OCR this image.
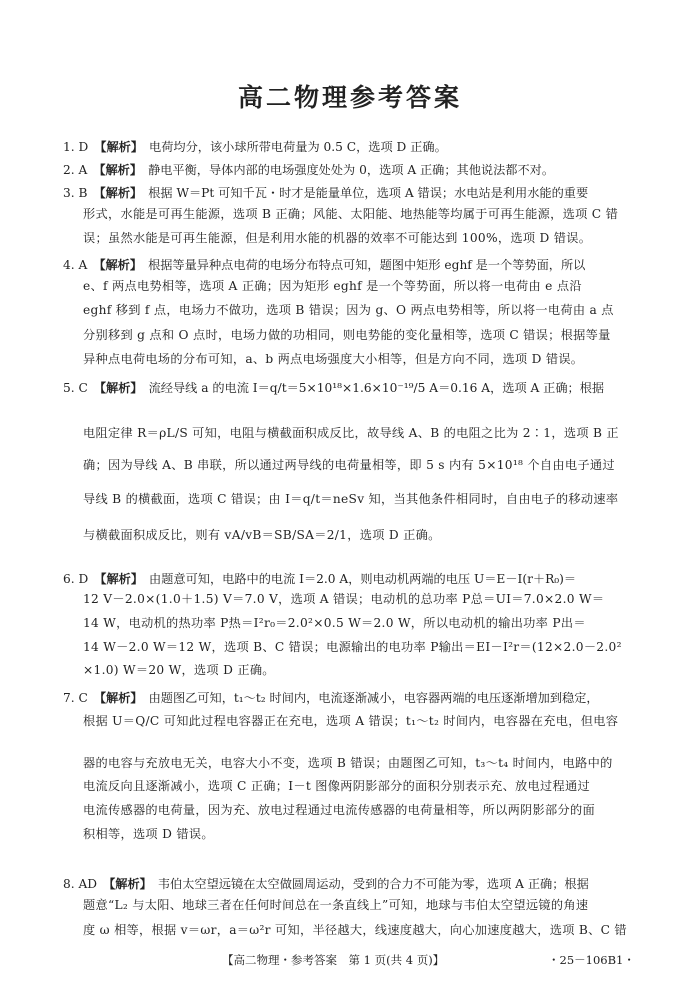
高二物理参考答案
1. D 【解析】 电荷均分，该小球所带电荷量为 0.5 C，选项 D 正确。
2. A 【解析】 静电平衡，导体内部的电场强度处处为 0，选项 A 正确；其他说法都不对。
3. B 【解析】 根据 W＝Pt 可知千瓦・时才是能量单位，选项 A 错误；水电站是利用水能的重要
形式，水能是可再生能源，选项 B 正确；风能、太阳能、地热能等均属于可再生能源，选项 C 错
误；虽然水能是可再生能源，但是利用水能的机器的效率不可能达到 100%，选项 D 错误。
4. A 【解析】 根据等量异种点电荷的电场分布特点可知，题图中矩形 eghf 是一个等势面，所以
e、f 两点电势相等，选项 A 正确；因为矩形 eghf 是一个等势面，所以将一电荷由 e 点沿
eghf 移到 f 点，电场力不做功，选项 B 错误；因为 g、O 两点电势相等，所以将一电荷由 a 点
分别移到 g 点和 O 点时，电场力做的功相同，则电势能的变化量相等，选项 C 错误；根据等量
异种点电荷电场的分布可知，a、b 两点电场强度大小相等，但是方向不同，选项 D 错误。
5. C 【解析】 流经导线 a 的电流 I＝q/t＝5×10¹⁸×1.6×10⁻¹⁹/5 A＝0.16 A，选项 A 正确；根据
电阻定律 R＝ρL/S 可知，电阻与横截面积成反比，故导线 A、B 的电阻之比为 2∶1，选项 B 正
确；因为导线 A、B 串联，所以通过两导线的电荷量相等，即 5 s 内有 5×10¹⁸ 个自由电子通过
导线 B 的横截面，选项 C 错误；由 I＝q/t＝neSv 知，当其他条件相同时，自由电子的移动速率
与横截面积成反比，则有 vA/vB＝SB/SA＝2/1，选项 D 正确。
6. D 【解析】 由题意可知，电路中的电流 I＝2.0 A，则电动机两端的电压 U＝E－I(r＋R₀)＝
12 V－2.0×(1.0＋1.5) V＝7.0 V，选项 A 错误；电动机的总功率 P总＝UI＝7.0×2.0 W＝
14 W，电动机的热功率 P热＝I²r₀＝2.0²×0.5 W＝2.0 W，所以电动机的输出功率 P出＝
14 W－2.0 W＝12 W，选项 B、C 错误；电源输出的电功率 P输出＝EI－I²r＝(12×2.0－2.0²
×1.0) W＝20 W，选项 D 正确。
7. C 【解析】 由题图乙可知，t₁～t₂ 时间内，电流逐渐减小，电容器两端的电压逐渐增加到稳定，
根据 U＝Q/C 可知此过程电容器正在充电，选项 A 错误；t₁～t₂ 时间内，电容器在充电，但电容
器的电容与充放电无关，电容大小不变，选项 B 错误；由题图乙可知，t₃～t₄ 时间内，电路中的
电流反向且逐渐减小，选项 C 正确；I－t 图像两阴影部分的面积分别表示充、放电过程通过
电流传感器的电荷量，因为充、放电过程通过电流传感器的电荷量相等，所以两阴影部分的面
积相等，选项 D 错误。
8. AD 【解析】 韦伯太空望远镜在太空做圆周运动，受到的合力不可能为零，选项 A 正确；根据
题意“L₂ 与太阳、地球三者在任何时间总在一条直线上”可知，地球与韦伯太空望远镜的角速
度 ω 相等，根据 v＝ωr，a＝ω²r 可知，半径越大，线速度越大，向心加速度越大，选项 B、C 错
【高二物理・参考答案　第 1 页(共 4 页)】	・25－106B1・
